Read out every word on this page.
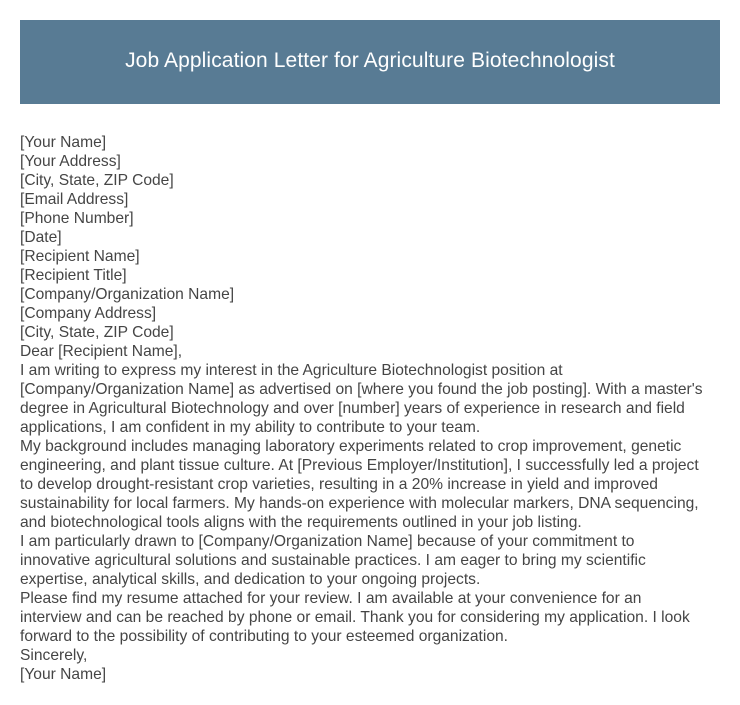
Job Application Letter for Agriculture Biotechnologist
[Your Name]
[Your Address]
[City, State, ZIP Code]
[Email Address]
[Phone Number]
[Date]
[Recipient Name]
[Recipient Title]
[Company/Organization Name]
[Company Address]
[City, State, ZIP Code]
Dear [Recipient Name],
I am writing to express my interest in the Agriculture Biotechnologist position at
[Company/Organization Name] as advertised on [where you found the job posting]. With a master's
degree in Agricultural Biotechnology and over [number] years of experience in research and field
applications, I am confident in my ability to contribute to your team.
My background includes managing laboratory experiments related to crop improvement, genetic
engineering, and plant tissue culture. At [Previous Employer/Institution], I successfully led a project
to develop drought-resistant crop varieties, resulting in a 20% increase in yield and improved
sustainability for local farmers. My hands-on experience with molecular markers, DNA sequencing,
and biotechnological tools aligns with the requirements outlined in your job listing.
I am particularly drawn to [Company/Organization Name] because of your commitment to
innovative agricultural solutions and sustainable practices. I am eager to bring my scientific
expertise, analytical skills, and dedication to your ongoing projects.
Please find my resume attached for your review. I am available at your convenience for an
interview and can be reached by phone or email. Thank you for considering my application. I look
forward to the possibility of contributing to your esteemed organization.
Sincerely,
[Your Name]
